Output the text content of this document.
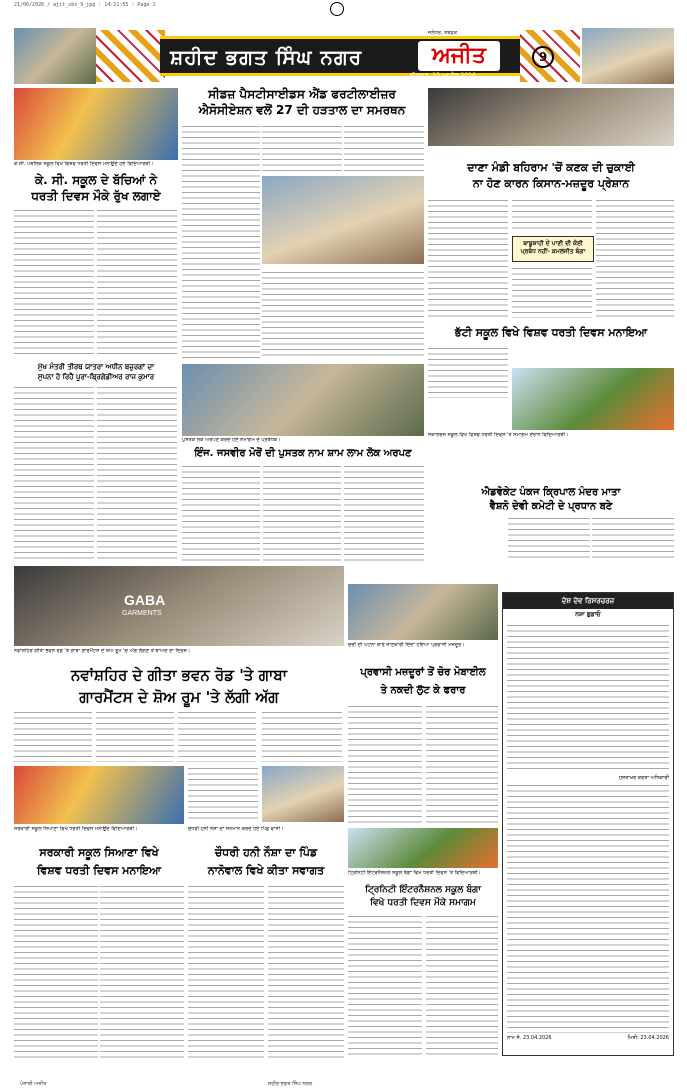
21/06/2026 / ajit_sbs_9_jpg : 14:21:55 : Page 1
ਸ਼ਹੀਦ ਭਗਤ ਸਿੰਘ ਨਗਰ	ਅਜੀਤ
ਵੀਰਵਾਰ, 23 ਅਪ੍ਰੈਲ 2026
ਜਲੰਧਰ, ਸਬਡਕ
9
ਕੇ.ਸੀ. ਪਬਲਿਕ ਸਕੂਲ ਵਿਖੇ ਵਿਸ਼ਵ ਧਰਤੀ ਦਿਵਸ ਮਨਾਉਂਦੇ ਹੋਏ ਵਿਦਿਆਰਥੀ।
ਕੇ. ਸੀ. ਸਕੂਲ ਦੇ ਬੱਚਿਆਂ ਨੇ
ਧਰਤੀ ਦਿਵਸ ਮੌਕੇ ਰੁੱਖ ਲਗਾਏ
ਮੁੱਖ ਮੰਤਰੀ ਤੀਰਥ ਯਾਤਰਾ ਅਧੀਨ ਬਜ਼ੁਰਗਾਂ ਦਾ
ਸੁਪਨਾ ਹੋ ਰਿਹੈ ਪੂਰਾ-ਬ੍ਰਿਗੇਡੀਅਰ ਰਾਜ ਕੁਮਾਰ
ਸੀਡਜ਼ ਪੈਸਟੀਸਾਈਡਸ ਐਂਡ ਫਰਟੀਲਾਈਜ਼ਰ
ਐਸੋਸੀਏਸ਼ਨ ਵਲੋਂ 27 ਦੀ ਹੜਤਾਲ ਦਾ ਸਮਰਥਨ
ਪੁਸਤਕ ਲੋਕ ਅਰਪਣ ਕਰਦੇ ਹੋਏ ਸਮਾਗਮ ਦੇ ਪ੍ਰਬੰਧਕ।
ਇੰਜ. ਜਸਵੀਰ ਮੋਰੋਂ ਦੀ ਪੁਸਤਕ ਨਾਮ ਸ਼ਾਮ ਲਾਮ ਲੋਕ ਅਰਪਣ
ਦਾਣਾ ਮੰਡੀ ਬਹਿਰਾਮ 'ਚੋਂ ਕਣਕ ਦੀ ਚੁਕਾਈ
ਨਾ ਹੋਣ ਕਾਰਨ ਕਿਸਾਨ-ਮਜ਼ਦੂਰ ਪ੍ਰੇਸ਼ਾਨ
ਬਾਬੂਸ਼ਾਹੀ ਦੇ ਪਾਣੀ ਦੀ ਕੋਈ ਪ੍ਰਬੰਧ ਨਹੀਂ- ਕਮਲਜੀਤ ਬੰਗਾ
ਭੱਟੀ ਸਕੂਲ ਵਿਖੇ ਵਿਸ਼ਵ ਧਰਤੀ ਦਿਵਸ ਮਨਾਇਆ
ਸਕਾਲਰਜ਼ ਸਕੂਲ ਵਿਖੇ ਵਿਸ਼ਵ ਧਰਤੀ ਦਿਵਸ 'ਤੇ ਸਮਾਗਮ ਦੌਰਾਨ ਵਿਦਿਆਰਥੀ।
ਐਡਵੋਕੇਟ ਪੰਕਜ ਕ੍ਰਿਪਾਲ ਮੰਦਰ ਮਾਤਾ
ਵੈਸ਼ਨੋ ਦੇਵੀ ਕਮੇਟੀ ਦੇ ਪ੍ਰਧਾਨ ਬਣੇ
GABA
GARMENTS
ਨਵਾਂਸ਼ਹਿਰ ਗੀਤਾ ਭਵਨ ਰੋਡ 'ਤੇ ਗਾਬਾ ਗਾਰਮੈਂਟਸ ਦੇ ਸ਼ੋਅ ਰੂਮ 'ਚ ਅੱਗ ਲੱਗਣ ਤੋਂ ਬਾਅਦ ਦਾ ਦ੍ਰਿਸ਼।
ਨਵਾਂਸ਼ਹਿਰ ਦੇ ਗੀਤਾ ਭਵਨ ਰੋਡ 'ਤੇ ਗਾਬਾ
ਗਾਰਮੈਂਟਸ ਦੇ ਸ਼ੋਅ ਰੂਮ 'ਤੇ ਲੱਗੀ ਅੱਗ
ਚੋਰੀ ਦੀ ਘਟਨਾ ਬਾਰੇ ਜਾਣਕਾਰੀ ਦਿੰਦਾ ਹੋਇਆ ਪ੍ਰਵਾਸੀ ਮਜ਼ਦੂਰ।
ਪ੍ਰਵਾਸੀ ਮਜ਼ਦੂਰਾਂ ਤੋਂ ਚੋਰ ਮੋਬਾਈਲ
ਤੇ ਨਕਦੀ ਲੁੱਟ ਕੇ ਫਰਾਰ
ਦੇਸ਼ ਦੇਵ ਰਿਸਰਚਰਜ਼
ਨਸ਼ਾ ਛੁਡਾਓ
ਹਸਤਾਖਰ ਕਰਤਾ ਅਧਿਕਾਰੀ
ਨਾਮ ਸੰ. 23.04.2026	ਮਿਤੀ: 23.04.2026
ਸਰਕਾਰੀ ਸਕੂਲ ਸਿਆਣਾ ਵਿਖੇ ਧਰਤੀ ਦਿਵਸ ਮਨਾਉਂਦੇ ਵਿਦਿਆਰਥੀ।
ਸਰਕਾਰੀ ਸਕੂਲ ਸਿਆਣਾ ਵਿਖੇ
ਵਿਸ਼ਵ ਧਰਤੀ ਦਿਵਸ ਮਨਾਇਆ
ਚੌਧਰੀ ਹਨੀ ਨੌਸ਼ਾ ਦਾ ਸਨਮਾਨ ਕਰਦੇ ਹੋਏ ਪਿੰਡ ਵਾਸੀ।
ਚੌਧਰੀ ਹਨੀ ਨੌਸ਼ਾ ਦਾ ਪਿੰਡ
ਨਾਨੋਵਾਲ ਵਿਖੇ ਕੀਤਾ ਸਵਾਗਤ	ਟ੍ਰਿਨਿਟੀ ਇੰਟਰਨੈਸ਼ਨਲ ਸਕੂਲ ਬੰਗਾ ਵਿਖੇ ਧਰਤੀ ਦਿਵਸ 'ਤੇ ਵਿਦਿਆਰਥੀ।
ਟ੍ਰਿਨਿਟੀ ਇੰਟਰਨੈਸ਼ਨਲ ਸਕੂਲ ਬੰਗਾ
ਵਿਖੇ ਧਰਤੀ ਦਿਵਸ ਮੌਕੇ ਸਮਾਗਮ
ਪੰਜਾਬੀ ਅਜੀਤ	ਸ਼ਹੀਦ ਭਗਤ ਸਿੰਘ ਨਗਰ
